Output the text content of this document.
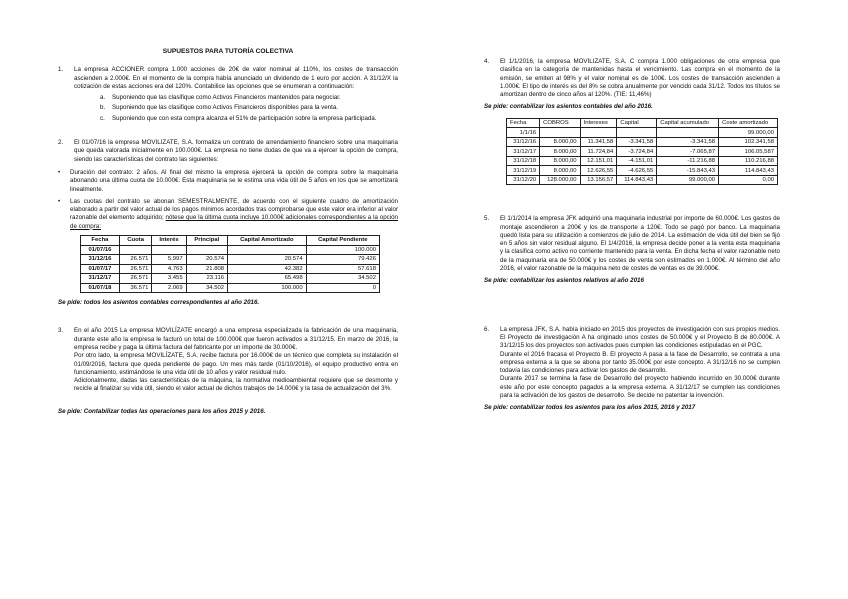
SUPUESTOS PARA TUTORÍA COLECTIVA
1.	La empresa ACCIONER compra 1.000 acciones de 20€ de valor nominal al 110%, los costes de transacción ascienden a 2.000€. En el momento de la compra había anunciado un dividendo de 1 euro por acción. A 31/12/X la cotización de estas acciones era del 120%. Contabilice las opciones que se enumeran a continuación:

a.	Suponiendo que las clasifique como Activos Financieros mantenidos para negociar.
b.	Suponiendo que las clasifique como Activos Financieros disponibles para la venta.
c.	Suponiendo que con esta compra alcanza el 51% de participación sobre la empresa participada.
2.	El 01/07/16 la empresa MOVILIZATE, S.A. formaliza un contrato de arrendamiento financiero sobre una maquinaria que queda valorada inicialmente en 100.000€. La empresa no tiene dudas de que va a ejercer la opción de compra, siendo las características del contrato las siguientes:

•	Duración del contrato: 2 años. Al final del mismo la empresa ejercerá la opción de compra sobre la maquinaria abonando una última cuota de 10.000€. Esta maquinaria se le estima una vida útil de 5 años en los que se amortizará linealmente.
•	Las cuotas del contrato se abonan SEMESTRALMENTE, de acuerdo con el siguiente cuadro de amortización elaborado a partir del valor actual de los pagos mínimos acordados tras comprobarse que este valor era inferior al valor razonable del elemento adquirido; nótese que la última cuota incluye 10.000€ adicionales correspondientes a la opción de compra:
Fecha	Cuota	Interés	Principal	Capital Amortizado	Capital Pendiente
01/07/16					100.000
31/12/16	26.571	5.997	20.574	20.574	79.426
01/07/17	26.571	4.763	21.808	42.382	57.618
31/12/17	26.571	3.455	23.116	65.498	34.502
01/07/18	36.571	2.069	34.502	100.000	0

Se pide: todos los asientos contables correspondientes al año 2016.

3.	En el año 2015 La empresa MOVILÍZATE encargó a una empresa especializada la fabricación de una maquinaria, durante este año la empresa le facturó un total de 100.000€ que fueron activados a 31/12/15. En marzo de 2016, la empresa recibe y paga la última factura del fabricante por un importe de 30.000€.

Por otro lado, la empresa MOVILÍZATE, S.A. recibe factura por 16.000€ de un técnico que completa su instalación el 01/09/2016, factura que queda pendiente de pago. Un mes más tarde (01/10/2016), el equipo productivo entra en funcionamiento, estimándose le una vida útil de 10 años y valor residual nulo.

Adicionalmente, dadas las características de la máquina, la normativa medioambiental requiere que se desmonte y recicle al finalizar su vida útil, siendo el valor actual de dichos trabajos de 14.000€ y la tasa de actualización del 3%.

Se pide: Contabilizar todas las operaciones para los años 2015 y 2016.

4.	El 1/1/2016, la empresa MOVILIZATE, S.A. C compra 1.000 obligaciones de otra empresa que clasifica en la categoría de mantenidas hasta el vencimiento. Las compra en el momento de la emisión, se emiten al 98% y el valor nominal es de 100€. Los costes de transacción ascienden a 1.000€. El tipo de interés es del 8% se cobra anualmente por vencido cada 31/12. Todos los títulos se amortizan dentro de cinco años al 120%. (TIE: 11,46%)

Se pide: contabilizar los asientos contables del año 2016.

Fecha	COBROS	Intereses	Capital	Capital acumulado	Coste amortizado
1/1/16					99.000,00
31/12/16	8.000,00	11.341,58	-3.341,58	-3.341,58	102.341,58
31/12/17	8.000,00	11.724,84	-3.724,84	-7.065,87	106.05,587
31/12/18	8.000,00	12.151,01	-4.151,01	-11.216,88	110.216,88
31/12/19	8.000,00	12.626,55	-4.626,55	-15.843,43	114.843,43
31/12/20	128.000,00	13.156,57	114.843,43	99.000,00	0,00
5.	El 1/1/2014 la empresa JFK adquirió una maquinaria industrial por importe de 60.000€. Los gastos de montaje ascendieron a 200€ y los de transporte a 120€. Todo se pagó por banco. La maquinaria quedó lista para su utilización a comienzos de julio de 2014. La estimación de vida útil del bien se fijó en 5 años sin valor residual alguno. El 1/4/2016, la empresa decide poner a la venta esta maquinaria y la clasifica como activo no corriente mantenido para la venta. En dicha fecha el valor razonable neto de la maquinaria era de 50.000€ y los costes de venta son estimados en 1.000€. Al término del año 2016, el valor razonable de la máquina neto de costes de ventas es de 39.000€.

Se pide: contabilizar los asientos relativos al año 2016

6.	La empresa JFK, S.A. había iniciado en 2015 dos proyectos de investigación con sus propios medios. El Proyecto de investigación A ha originado unos costes de 50.000€ y el Proyecto B de 80.000€. A 31/12/15 los dos proyectos son activados pues cumplen las condiciones estipuladas en el PGC.

Durante el 2016 fracasa el Proyecto B. El proyecto A pasa a la fase de Desarrollo, se contrata a una empresa externa a la que se abona por tanto 35.000€ por este concepto. A 31/12/16 no se cumplen todavía las condiciones para activar los gastos de desarrollo.

Durante 2017 se termina la fase de Desarrollo del proyecto habiendo incurrido en 30.000€ durante este año por este concepto pagados a la empresa externa. A 31/12/17 se cumplen las condiciones para la activación de los gastos de desarrollo. Se decide no patentar la invención.

Se pide: contabilizar todos los asientos para los años 2015, 2016 y 2017
